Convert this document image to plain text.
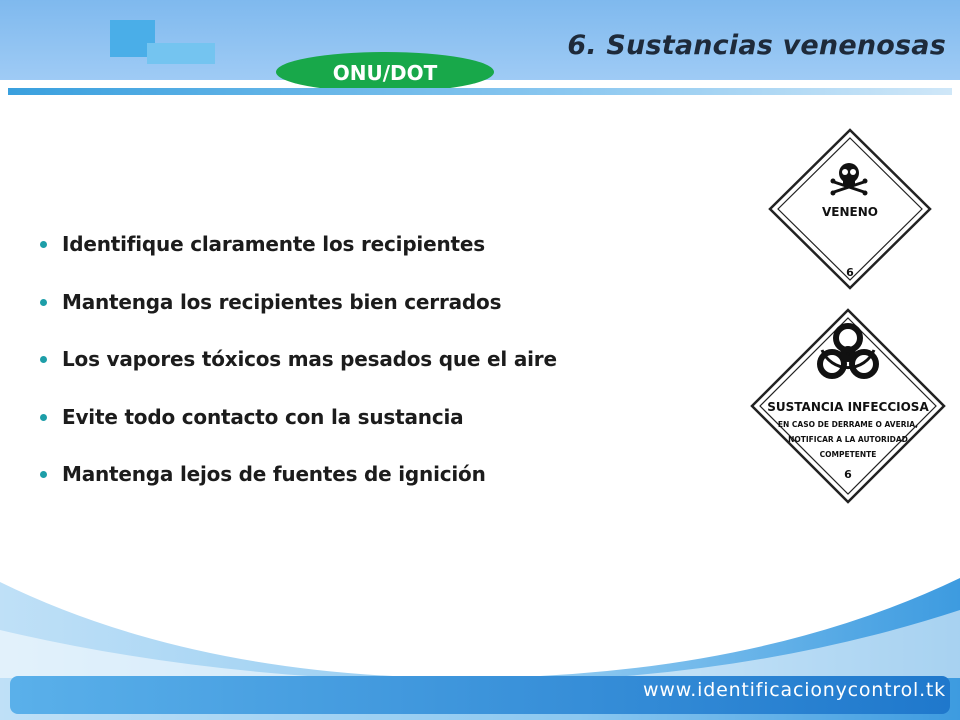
6. Sustancias venenosas
ONU/DOT
Identifique claramente los recipientes
Mantenga los recipientes bien cerrados
Los vapores tóxicos mas pesados que el aire
Evite todo contacto con la sustancia
Mantenga lejos de fuentes de ignición
VENENO
6
SUSTANCIA INFECCIOSA
EN CASO DE DERRAME O AVERIA,
NOTIFICAR A LA AUTORIDAD
COMPETENTE
6
www.identificacionycontrol.tk
